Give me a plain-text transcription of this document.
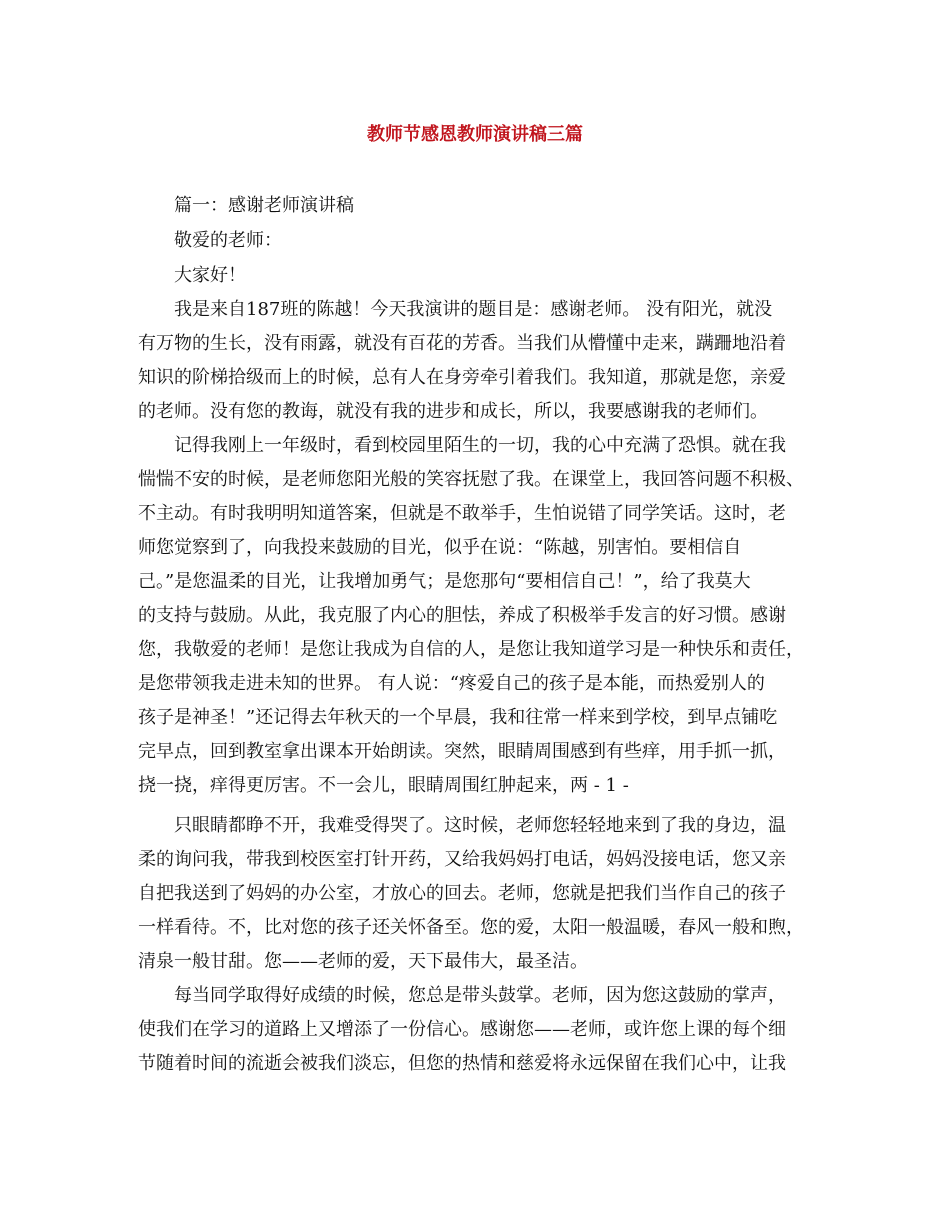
教师节感恩教师演讲稿三篇
篇一：感谢老师演讲稿
敬爱的老师：
大家好！
我是来自187班的陈越！今天我演讲的题目是：感谢老师。 没有阳光，就没
有万物的生长，没有雨露，就没有百花的芳香。当我们从懵懂中走来，蹒跚地沿着
知识的阶梯拾级而上的时候，总有人在身旁牵引着我们。我知道，那就是您，亲爱
的老师。没有您的教诲，就没有我的进步和成长，所以，我要感谢我的老师们。
记得我刚上一年级时，看到校园里陌生的一切，我的心中充满了恐惧。就在我
惴惴不安的时候，是老师您阳光般的笑容抚慰了我。在课堂上，我回答问题不积极、
不主动。有时我明明知道答案，但就是不敢举手，生怕说错了同学笑话。这时，老
师您觉察到了，向我投来鼓励的目光，似乎在说：“陈越，别害怕。要相信自
己。”是您温柔的目光，让我增加勇气；是您那句“要相信自己！”，给了我莫大
的支持与鼓励。从此，我克服了内心的胆怯，养成了积极举手发言的好习惯。感谢
您，我敬爱的老师！是您让我成为自信的人，是您让我知道学习是一种快乐和责任，
是您带领我走进未知的世界。 有人说：“疼爱自己的孩子是本能，而热爱别人的
孩子是神圣！”还记得去年秋天的一个早晨，我和往常一样来到学校，到早点铺吃
完早点，回到教室拿出课本开始朗读。突然，眼睛周围感到有些痒，用手抓一抓，
挠一挠，痒得更厉害。不一会儿，眼睛周围红肿起来，两 - 1 -
只眼睛都睁不开，我难受得哭了。这时候，老师您轻轻地来到了我的身边，温
柔的询问我，带我到校医室打针开药，又给我妈妈打电话，妈妈没接电话，您又亲
自把我送到了妈妈的办公室，才放心的回去。老师，您就是把我们当作自己的孩子
一样看待。不，比对您的孩子还关怀备至。您的爱，太阳一般温暖，春风一般和煦，
清泉一般甘甜。您——老师的爱，天下最伟大，最圣洁。
每当同学取得好成绩的时候，您总是带头鼓掌。老师，因为您这鼓励的掌声，
使我们在学习的道路上又增添了一份信心。感谢您——老师，或许您上课的每个细
节随着时间的流逝会被我们淡忘，但您的热情和慈爱将永远保留在我们心中，让我
